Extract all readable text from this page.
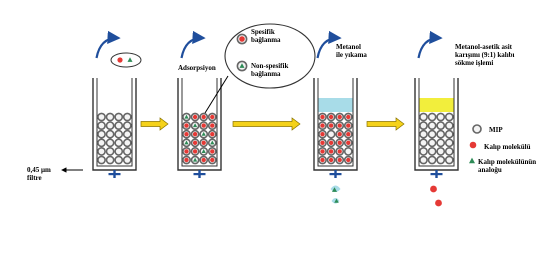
Adsorpsiyon
Metanol
ile yıkama
Metanol-asetik asit
karışımı (9:1) kalıbı
sökme işlemi
0,45 µm
filtre
Spesifik
bağlanma
Non-spesifik
bağlanma
MIP
Kalıp molekülü
Kalıp molekülünün
analoğu
